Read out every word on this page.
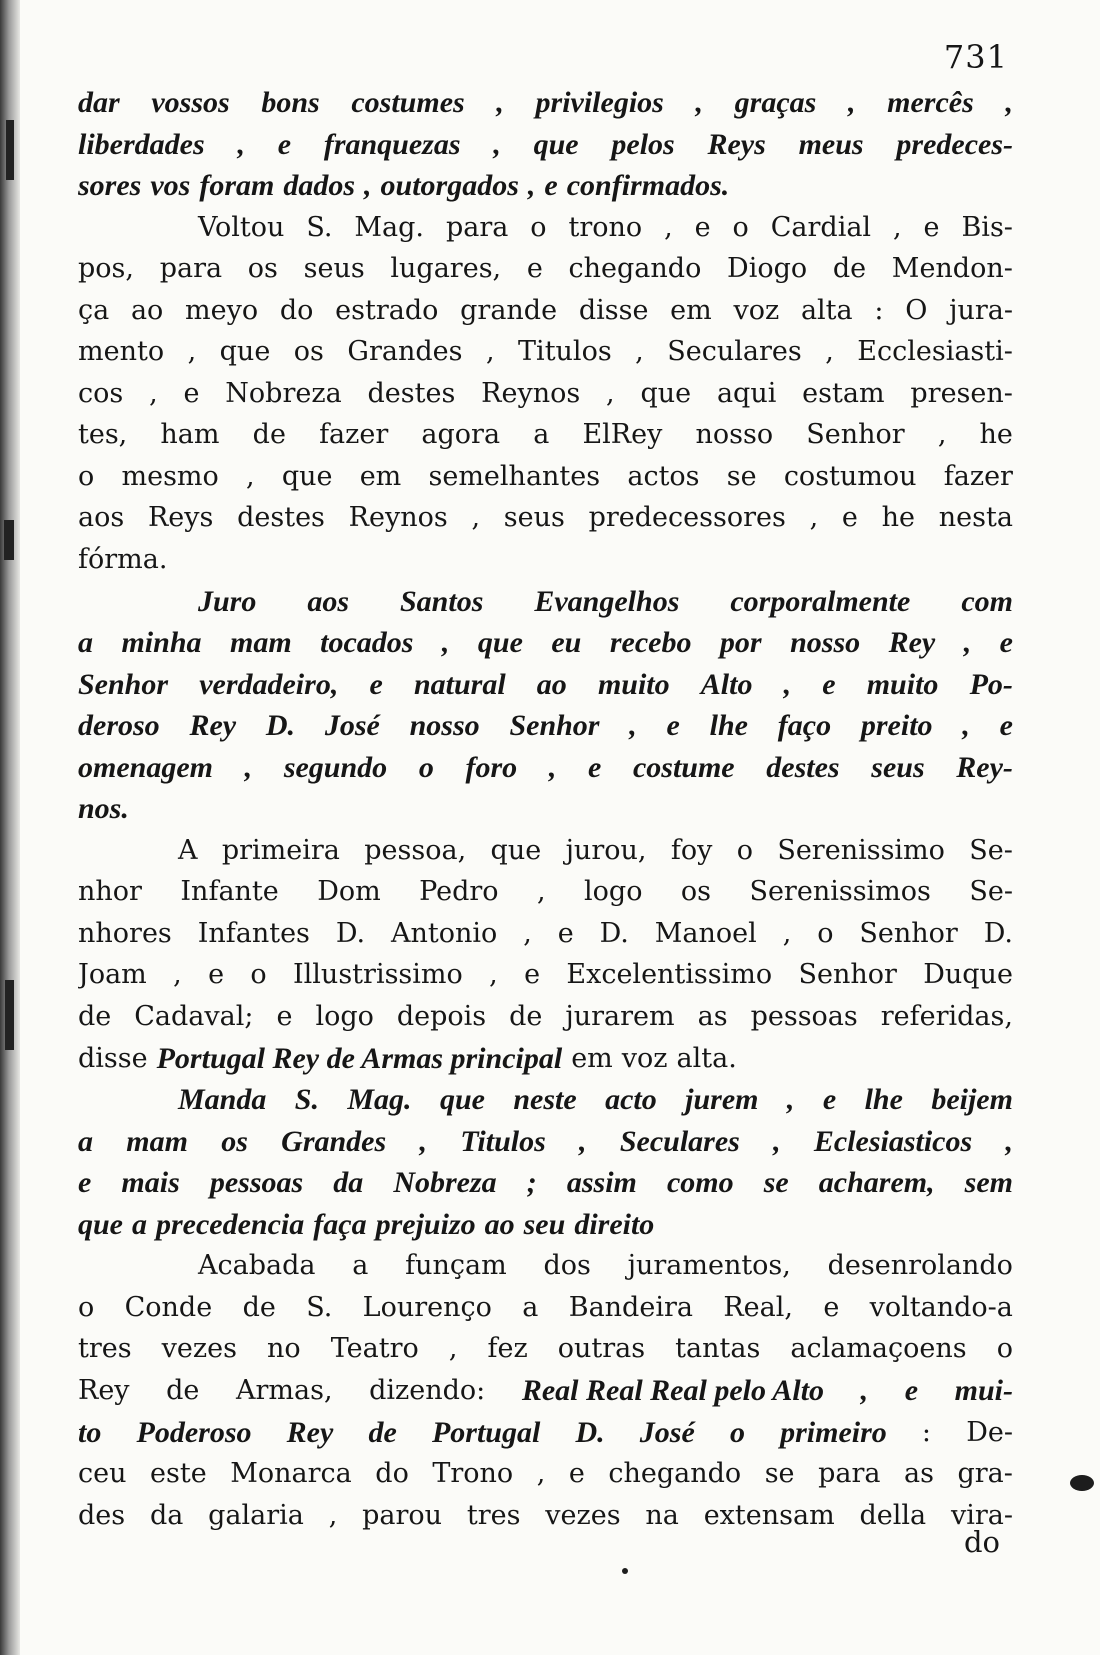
731
dar vossos bons costumes , privilegios , graças , mercês ,
liberdades , e franquezas , que pelos Reys meus predeces-
sores vos foram dados , outorgados , e confirmados.
Voltou S. Mag. para o trono , e o Cardial , e Bis-
pos, para os seus lugares, e chegando Diogo de Mendon-
ça ao meyo do estrado grande disse em voz alta : O jura-
mento , que os Grandes , Titulos , Seculares , Ecclesiasti-
cos , e Nobreza destes Reynos , que aqui estam presen-
tes, ham de fazer agora a ElRey nosso Senhor , he
o mesmo , que em semelhantes actos se costumou fazer
aos Reys destes Reynos , seus predecessores , e he nesta
fórma.
Juro aos Santos Evangelhos corporalmente com
a minha mam tocados , que eu recebo por nosso Rey , e
Senhor verdadeiro, e natural ao muito Alto , e muito Po-
deroso Rey D. José nosso Senhor , e lhe faço preito , e
omenagem , segundo o foro , e costume destes seus Rey-
nos.
A primeira pessoa, que jurou, foy o Serenissimo Se-
nhor Infante Dom Pedro , logo os Serenissimos Se-
nhores Infantes D. Antonio , e D. Manoel , o Senhor D.
Joam , e o Illustrissimo , e Excelentissimo Senhor Duque
de Cadaval; e logo depois de jurarem as pessoas referidas,
disse Portugal Rey de Armas principal em voz alta.
Manda S. Mag. que neste acto jurem , e lhe beijem
a mam os Grandes , Titulos , Seculares , Eclesiasticos ,
e mais pessoas da Nobreza ; assim como se acharem, sem
que a precedencia faça prejuizo ao seu direito
Acabada a funçam dos juramentos, desenrolando
o Conde de S. Lourenço a Bandeira Real, e voltando-a
tres vezes no Teatro , fez outras tantas aclamaçoens o
Rey de Armas, dizendo: Real Real Real pelo Alto , e mui-
to Poderoso Rey de Portugal D. José o primeiro : De-
ceu este Monarca do Trono , e chegando se para as gra-
des da galaria , parou tres vezes na extensam della vira-
do
